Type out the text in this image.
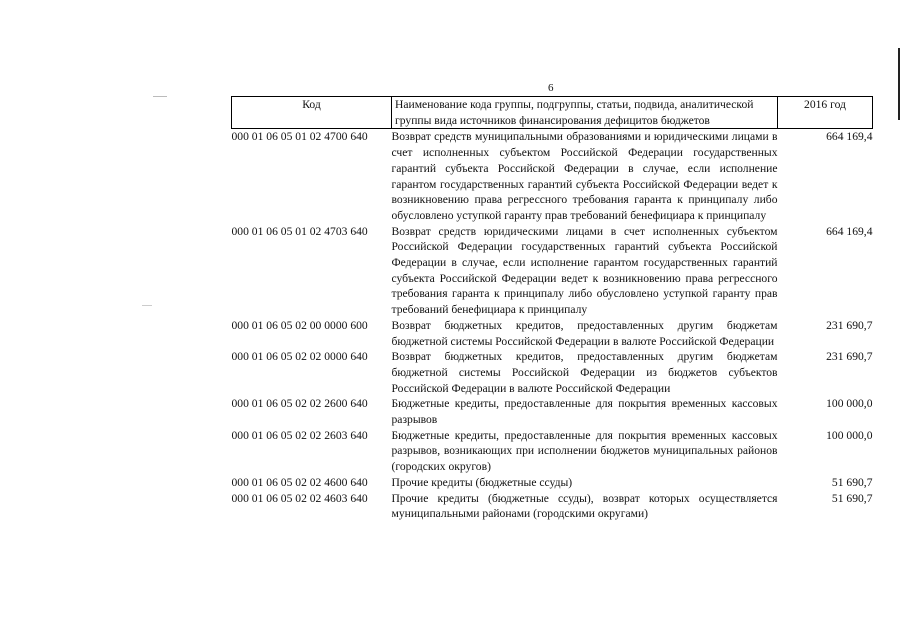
6
Код	Наименование кода группы, подгруппы, статьи, подвида, аналитической группы вида источников финансирования дефицитов бюджетов	2016 год
000 01 06 05 01 02 4700 640	Возврат средств муниципальными образованиями и юридическими лицами в счет исполненных субъектом Российской Федерации государственных гарантий субъекта Российской Федерации в случае, если исполнение гарантом государственных гарантий субъекта Российской Федерации ведет к возникновению права регрессного требования гаранта к принципалу либо обусловлено уступкой гаранту прав требований бенефициара к принципалу	664 169,4
000 01 06 05 01 02 4703 640	Возврат средств юридическими лицами в счет исполненных субъектом Российской Федерации государственных гарантий субъекта Российской Федерации в случае, если исполнение гарантом государственных гарантий субъекта Российской Федерации ведет к возникновению права регрессного требования гаранта к принципалу либо обусловлено уступкой гаранту прав требований бенефициара к принципалу	664 169,4
000 01 06 05 02 00 0000 600	Возврат бюджетных кредитов, предоставленных другим бюджетам бюджетной системы Российской Федерации в валюте Российской Федерации	231 690,7
000 01 06 05 02 02 0000 640	Возврат бюджетных кредитов, предоставленных другим бюджетам бюджетной системы Российской Федерации из бюджетов субъектов Российской Федерации в валюте Российской Федерации	231 690,7
000 01 06 05 02 02 2600 640	Бюджетные кредиты, предоставленные для покрытия временных кассовых разрывов	100 000,0
000 01 06 05 02 02 2603 640	Бюджетные кредиты, предоставленные для покрытия временных кассовых разрывов, возникающих при исполнении бюджетов муниципальных районов (городских округов)	100 000,0
000 01 06 05 02 02 4600 640	Прочие кредиты (бюджетные ссуды)	51 690,7
000 01 06 05 02 02 4603 640	Прочие кредиты (бюджетные ссуды), возврат которых осуществляется муниципальными районами (городскими округами)	51 690,7
